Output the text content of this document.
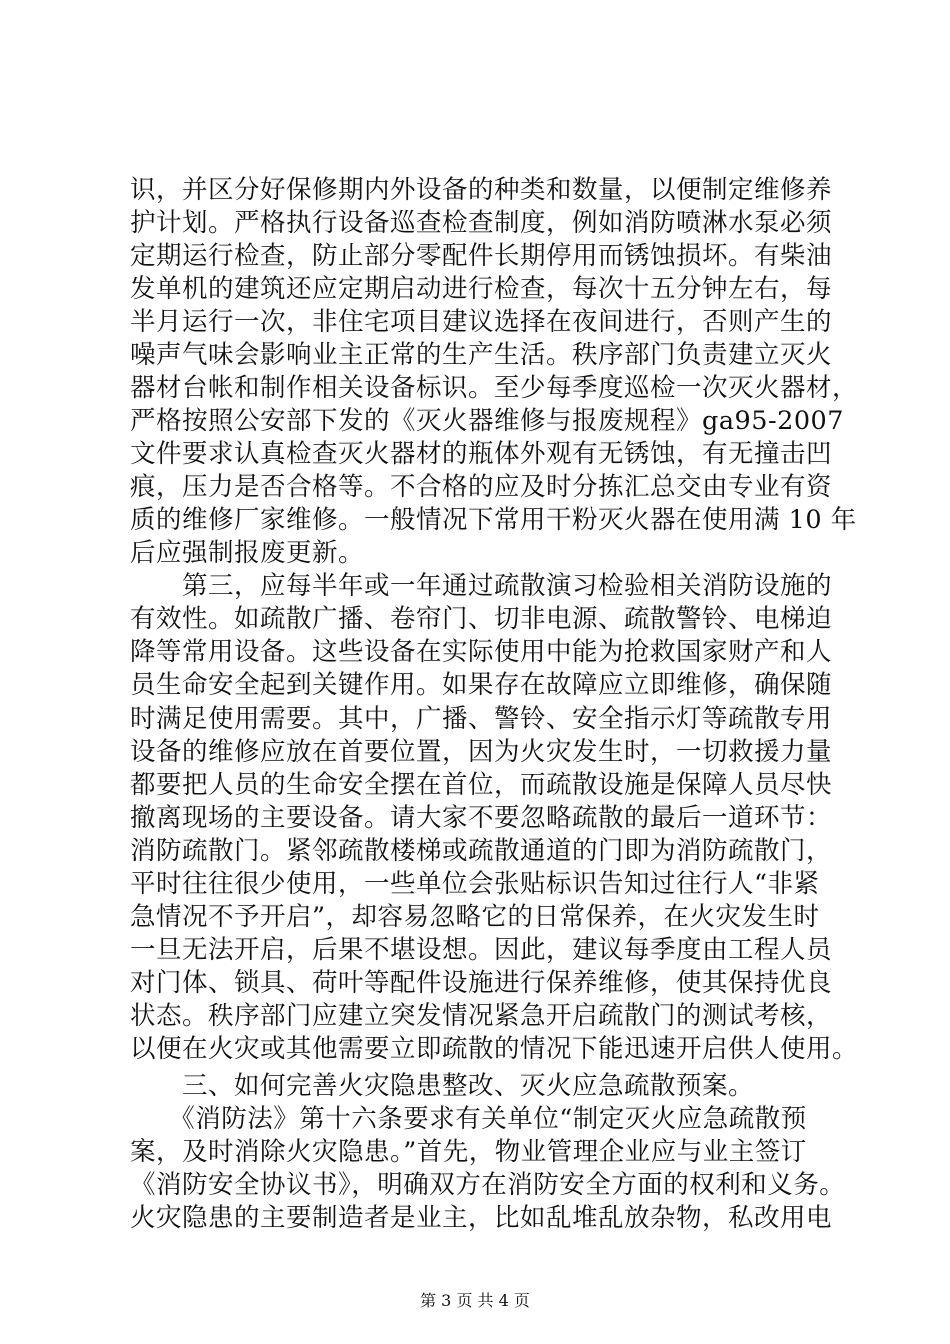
识，并区分好保修期内外设备的种类和数量，以便制定维修养
护计划。严格执行设备巡查检查制度，例如消防喷淋水泵必须
定期运行检查，防止部分零配件长期停用而锈蚀损坏。有柴油
发单机的建筑还应定期启动进行检查，每次十五分钟左右，每
半月运行一次，非住宅项目建议选择在夜间进行，否则产生的
噪声气味会影响业主正常的生产生活。秩序部门负责建立灭火
器材台帐和制作相关设备标识。至少每季度巡检一次灭火器材，
严格按照公安部下发的《灭火器维修与报废规程》ga95-2007
文件要求认真检查灭火器材的瓶体外观有无锈蚀，有无撞击凹
痕，压力是否合格等。不合格的应及时分拣汇总交由专业有资
质的维修厂家维修。一般情况下常用干粉灭火器在使用满 10 年
后应强制报废更新。
　　第三，应每半年或一年通过疏散演习检验相关消防设施的
有效性。如疏散广播、卷帘门、切非电源、疏散警铃、电梯迫
降等常用设备。这些设备在实际使用中能为抢救国家财产和人
员生命安全起到关键作用。如果存在故障应立即维修，确保随
时满足使用需要。其中，广播、警铃、安全指示灯等疏散专用
设备的维修应放在首要位置，因为火灾发生时，一切救援力量
都要把人员的生命安全摆在首位，而疏散设施是保障人员尽快
撤离现场的主要设备。请大家不要忽略疏散的最后一道环节：
消防疏散门。紧邻疏散楼梯或疏散通道的门即为消防疏散门，
平时往往很少使用，一些单位会张贴标识告知过往行人“非紧
急情况不予开启”，却容易忽略它的日常保养，在火灾发生时
一旦无法开启，后果不堪设想。因此，建议每季度由工程人员
对门体、锁具、荷叶等配件设施进行保养维修，使其保持优良
状态。秩序部门应建立突发情况紧急开启疏散门的测试考核，
以便在火灾或其他需要立即疏散的情况下能迅速开启供人使用。
　　三、如何完善火灾隐患整改、灭火应急疏散预案。
　　《消防法》第十六条要求有关单位“制定灭火应急疏散预
案，及时消除火灾隐患。”首先，物业管理企业应与业主签订
《消防安全协议书》，明确双方在消防安全方面的权利和义务。
火灾隐患的主要制造者是业主，比如乱堆乱放杂物，私改用电
第 3 页 共 4 页
